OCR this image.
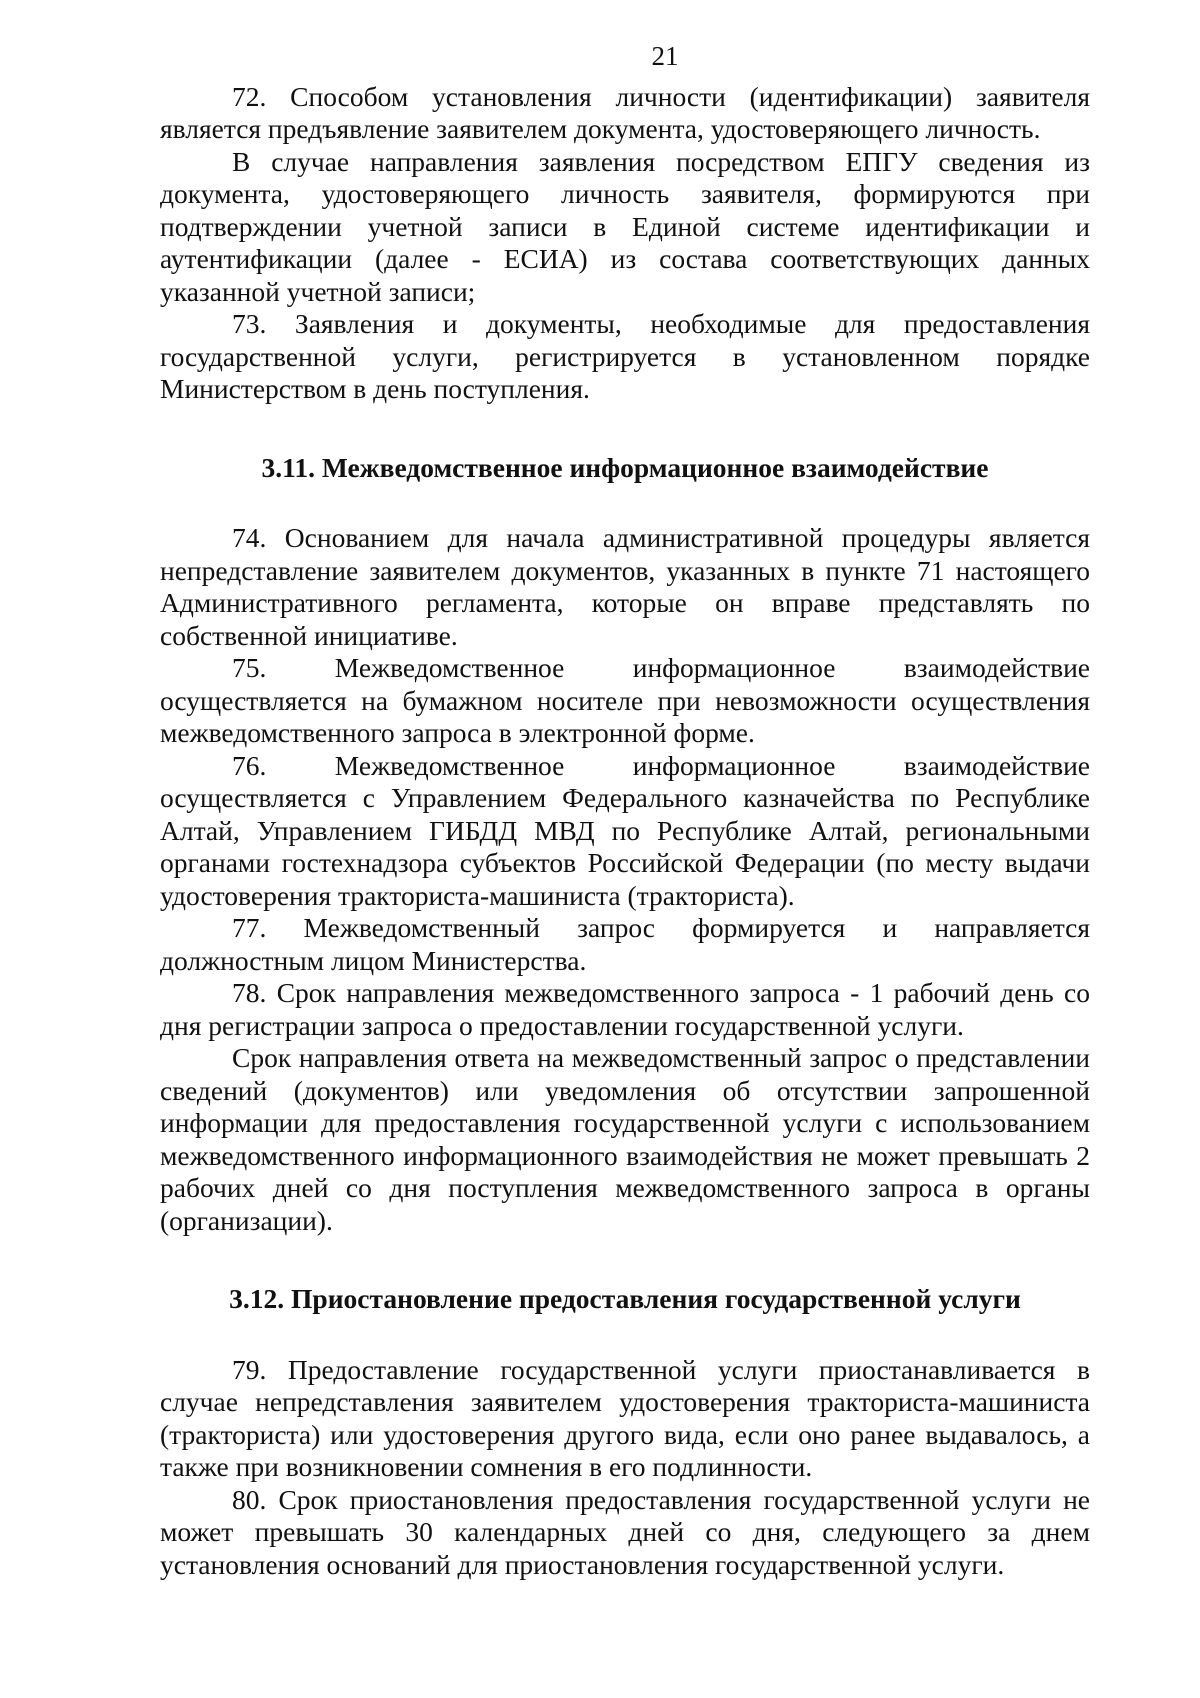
21

72. Способом установления личности (идентификации) заявителя является предъявление заявителем документа, удостоверяющего личность.

В случае направления заявления посредством ЕПГУ сведения из документа, удостоверяющего личность заявителя, формируются при подтверждении учетной записи в Единой системе идентификации и аутентификации (далее - ЕСИА) из состава соответствующих данных указанной учетной записи;

73. Заявления и документы, необходимые для предоставления государственной услуги, регистрируется в установленном порядке Министерством в день поступления.

3.11. Межведомственное информационное взаимодействие

74. Основанием для начала административной процедуры является непредставление заявителем документов, указанных в пункте 71 настоящего Административного регламента, которые он вправе представлять по собственной инициативе.

75. Межведомственное информационное взаимодействие осуществляется на бумажном носителе при невозможности осуществления межведомственного запроса в электронной форме.

76. Межведомственное информационное взаимодействие осуществляется с Управлением Федерального казначейства по Республике Алтай, Управлением ГИБДД МВД по Республике Алтай, региональными органами гостехнадзора субъектов Российской Федерации (по месту выдачи удостоверения тракториста-машиниста (тракториста).

77. Межведомственный запрос формируется и направляется должностным лицом Министерства.

78. Срок направления межведомственного запроса - 1 рабочий день со дня регистрации запроса о предоставлении государственной услуги.

Срок направления ответа на межведомственный запрос о представлении сведений (документов) или уведомления об отсутствии запрошенной информации для предоставления государственной услуги с использованием межведомственного информационного взаимодействия не может превышать 2 рабочих дней со дня поступления межведомственного запроса в органы (организации).

3.12. Приостановление предоставления государственной услуги

79. Предоставление государственной услуги приостанавливается в случае непредставления заявителем удостоверения тракториста-машиниста (тракториста) или удостоверения другого вида, если оно ранее выдавалось, а также при возникновении сомнения в его подлинности.

80. Срок приостановления предоставления государственной услуги не может превышать 30 календарных дней со дня, следующего за днем установления оснований для приостановления государственной услуги.
